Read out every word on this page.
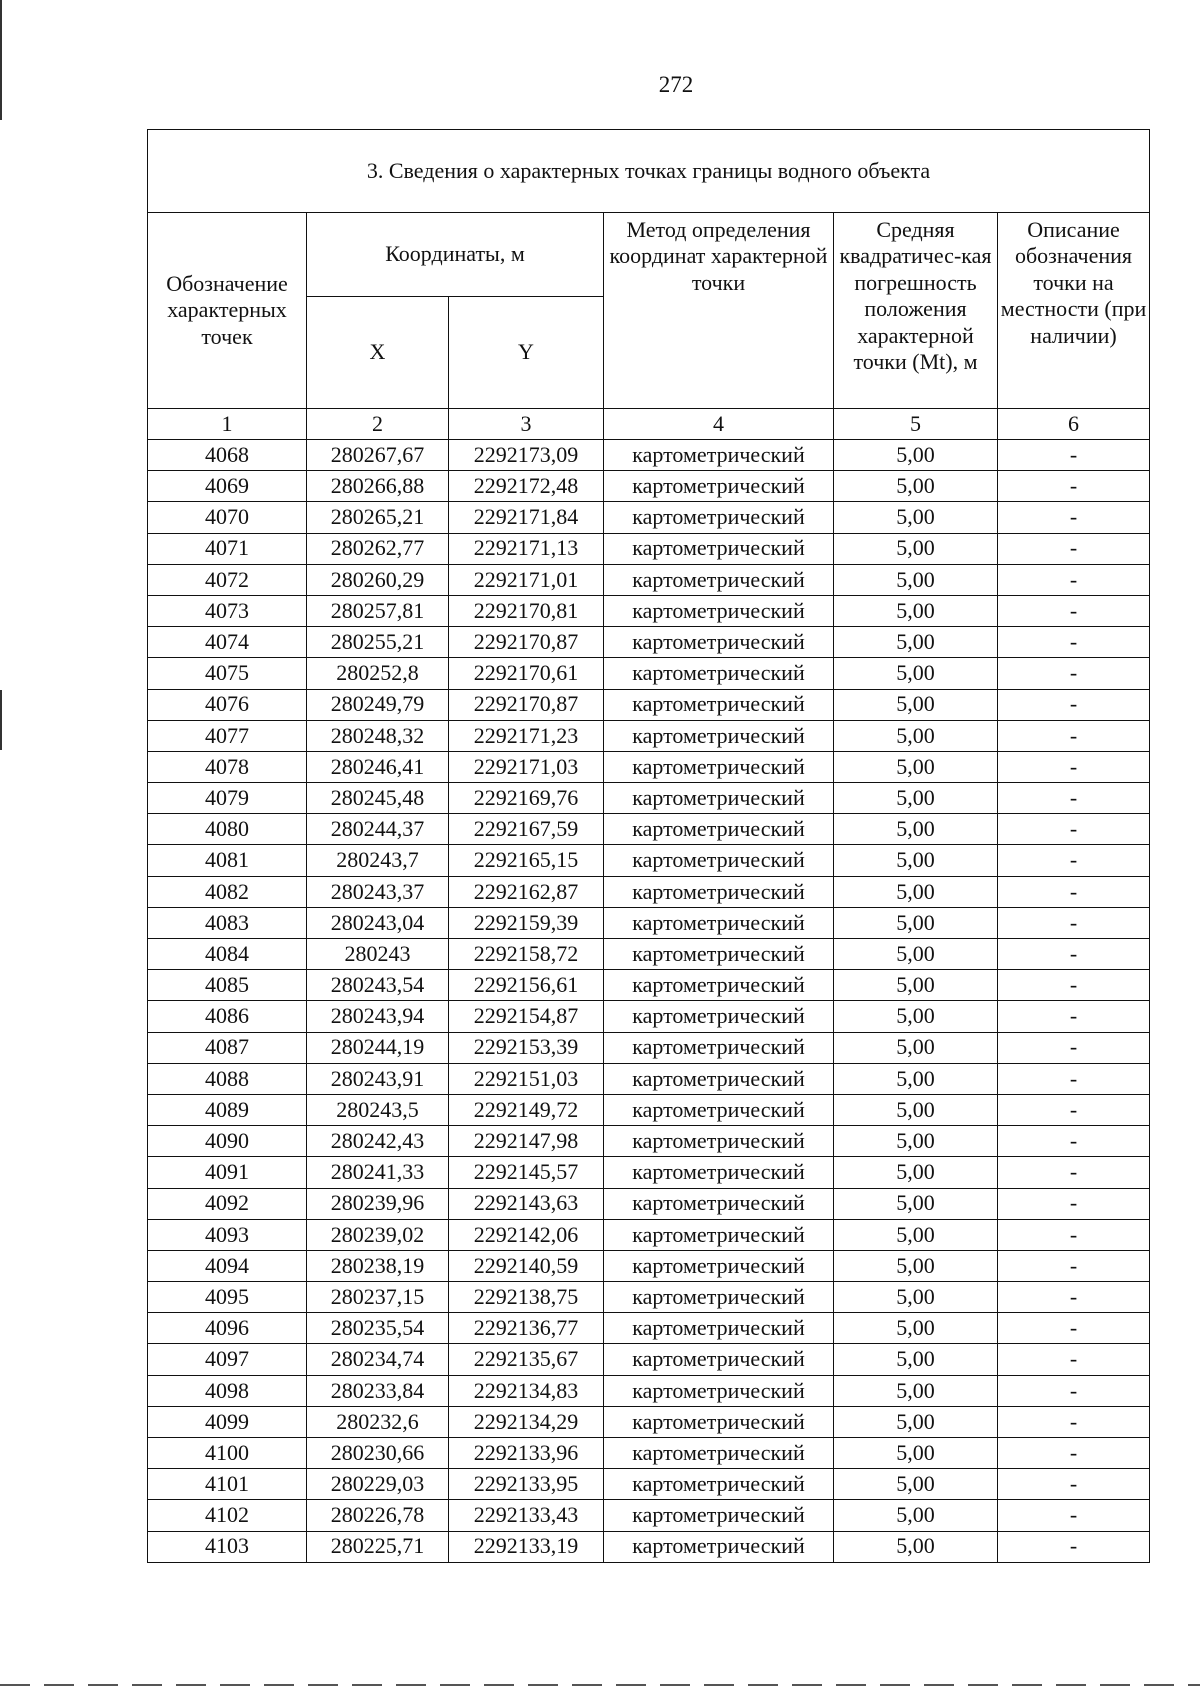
272
3. Сведения о характерных точках границы водного объекта					
Обозначение характерных точек	Координаты, м		Метод определения координат характерной точки	Средняя квадратичес-кая погрешность положения характерной точки (Mt), м	Описание обозначения точки на местности (при наличии)
	X	Y			
1	2	3	4	5	6
4068	280267,67	2292173,09	картометрический	5,00	-
4069	280266,88	2292172,48	картометрический	5,00	-
4070	280265,21	2292171,84	картометрический	5,00	-
4071	280262,77	2292171,13	картометрический	5,00	-
4072	280260,29	2292171,01	картометрический	5,00	-
4073	280257,81	2292170,81	картометрический	5,00	-
4074	280255,21	2292170,87	картометрический	5,00	-
4075	280252,8	2292170,61	картометрический	5,00	-
4076	280249,79	2292170,87	картометрический	5,00	-
4077	280248,32	2292171,23	картометрический	5,00	-
4078	280246,41	2292171,03	картометрический	5,00	-
4079	280245,48	2292169,76	картометрический	5,00	-
4080	280244,37	2292167,59	картометрический	5,00	-
4081	280243,7	2292165,15	картометрический	5,00	-
4082	280243,37	2292162,87	картометрический	5,00	-
4083	280243,04	2292159,39	картометрический	5,00	-
4084	280243	2292158,72	картометрический	5,00	-
4085	280243,54	2292156,61	картометрический	5,00	-
4086	280243,94	2292154,87	картометрический	5,00	-
4087	280244,19	2292153,39	картометрический	5,00	-
4088	280243,91	2292151,03	картометрический	5,00	-
4089	280243,5	2292149,72	картометрический	5,00	-
4090	280242,43	2292147,98	картометрический	5,00	-
4091	280241,33	2292145,57	картометрический	5,00	-
4092	280239,96	2292143,63	картометрический	5,00	-
4093	280239,02	2292142,06	картометрический	5,00	-
4094	280238,19	2292140,59	картометрический	5,00	-
4095	280237,15	2292138,75	картометрический	5,00	-
4096	280235,54	2292136,77	картометрический	5,00	-
4097	280234,74	2292135,67	картометрический	5,00	-
4098	280233,84	2292134,83	картометрический	5,00	-
4099	280232,6	2292134,29	картометрический	5,00	-
4100	280230,66	2292133,96	картометрический	5,00	-
4101	280229,03	2292133,95	картометрический	5,00	-
4102	280226,78	2292133,43	картометрический	5,00	-
4103	280225,71	2292133,19	картометрический	5,00	-
